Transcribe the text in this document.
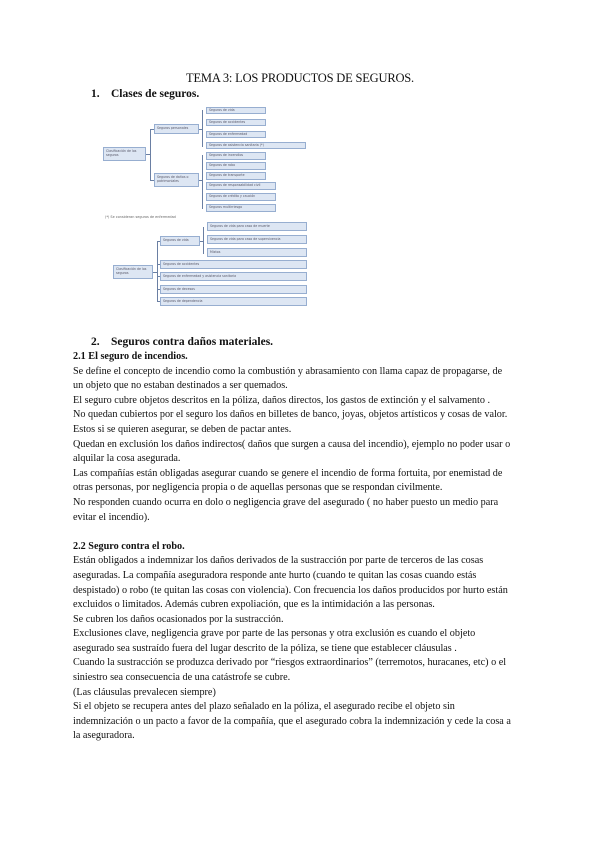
TEMA 3: LOS PRODUCTOS DE SEGUROS.
1. Clases de seguros.
Clasificación de los seguros
Seguros personales
Seguros de vida
Seguros de accidentes
Seguros de enfermedad
Seguros de asistencia sanitaria (*)
Seguros de daños o patrimoniales
Seguros de incendios
Seguros de robo
Seguros de transporte
Seguros de responsabilidad civil
Seguros de crédito y caución
Seguros multirriesgo
(*) Se consideran seguros de enfermedad
Clasificación de los seguros
Seguros de vida
Seguros de vida para caso de muerte
Seguros de vida para caso de supervivencia
Mixtos
Seguros de accidentes
Seguros de enfermedad y asistencia sanitaria
Seguros de decesos
Seguros de dependencia
2. Seguros contra daños materiales.

2.1 El seguro de incendios.

Se define el concepto de incendio como la combustión y abrasamiento con llama capaz de propagarse, de un objeto que no estaban destinados a ser quemados.

El seguro cubre objetos descritos en la póliza, daños directos, los gastos de extinción y el salvamento .

No quedan cubiertos por el seguro los daños en billetes de banco, joyas, objetos artísticos y cosas de valor. Estos si se quieren asegurar, se deben de pactar antes.

Quedan en exclusión los daños indirectos( daños que surgen a causa del incendio), ejemplo no poder usar o alquilar la cosa asegurada.

Las compañías están obligadas asegurar cuando se genere el incendio de forma fortuita, por enemistad de otras personas, por negligencia propia o de aquellas personas que se respondan civilmente.

No responden cuando ocurra en dolo o negligencia grave del asegurado ( no haber puesto un medio para evitar el incendio).

2.2 Seguro contra el robo.

Están obligados a indemnizar los daños derivados de la sustracción por parte de terceros de las cosas aseguradas. La compañía aseguradora responde ante hurto (cuando te quitan las cosas cuando estás despistado) o robo (te quitan las cosas con violencia). Con frecuencia los daños producidos por hurto están excluidos o limitados. Además cubren expoliación, que es la intimidación a las personas.

Se cubren los daños ocasionados por la sustracción.

Exclusiones clave, negligencia grave por parte de las personas y otra exclusión es cuando el objeto asegurado sea sustraído fuera del lugar descrito de la póliza, se tiene que establecer cláusulas .

Cuando la sustracción se produzca derivado por “riesgos extraordinarios” (terremotos, huracanes, etc) o el siniestro sea consecuencia de una catástrofe se cubre.

(Las cláusulas prevalecen siempre)

Si el objeto se recupera antes del plazo señalado en la póliza, el asegurado recibe el objeto sin indemnización o un pacto a favor de la compañía, que el asegurado cobra la indemnización y cede la cosa a la aseguradora.
